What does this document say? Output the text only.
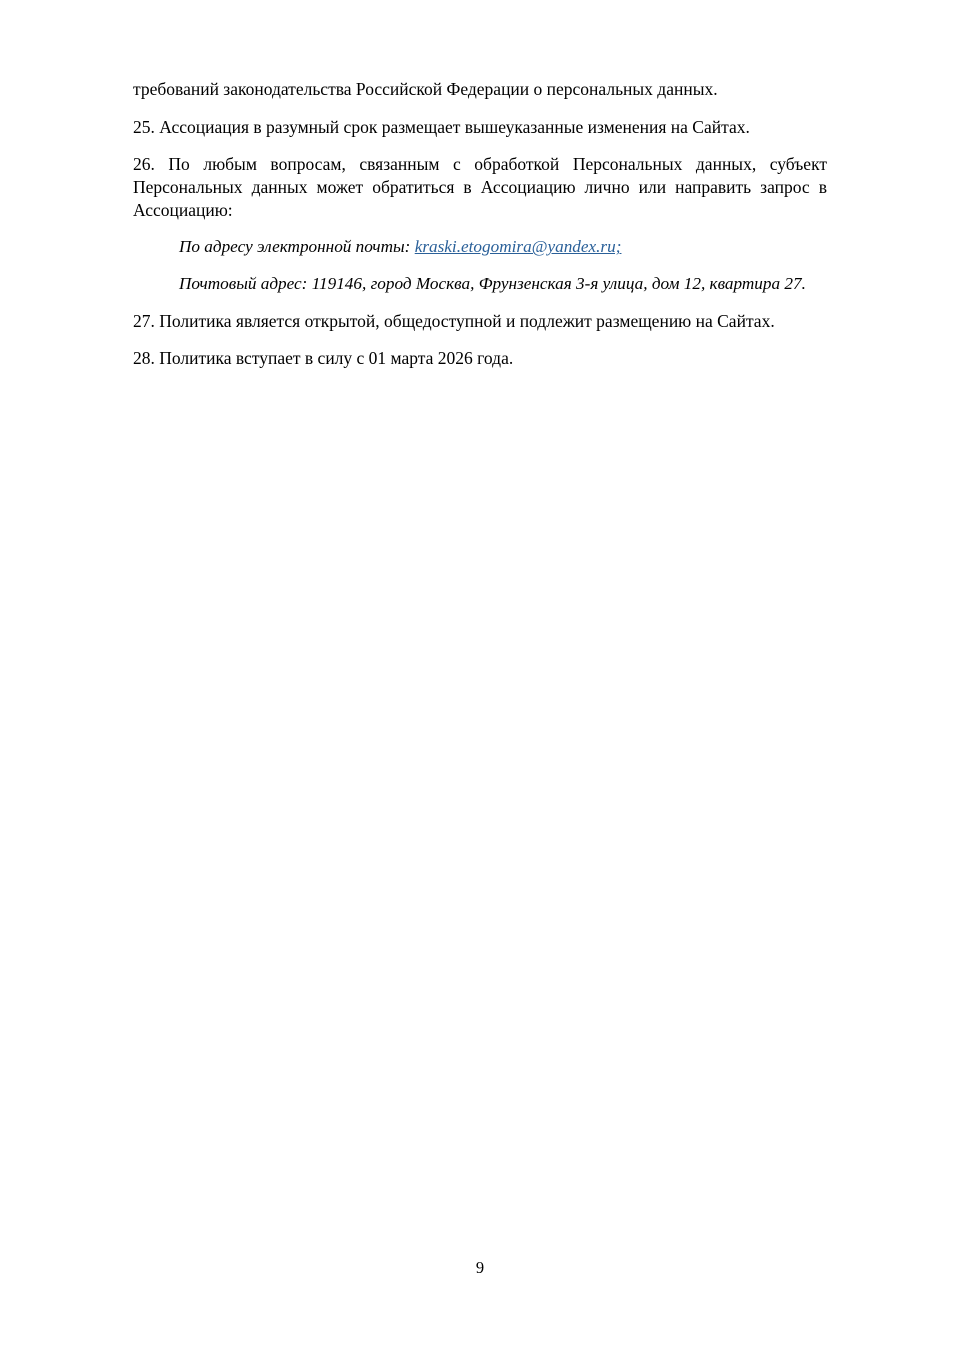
требований законодательства Российской Федерации о персональных данных.

25. Ассоциация в разумный срок размещает вышеуказанные изменения на Сайтах.

26. По любым вопросам, связанным с обработкой Персональных данных, субъект Персональных данных может обратиться в Ассоциацию лично или направить запрос в Ассоциацию:

По адресу электронной почты: kraski.etogomira@yandex.ru;

Почтовый адрес: 119146, город Москва, Фрунзенская 3-я улица, дом 12, квартира 27.

27. Политика является открытой, общедоступной и подлежит размещению на Сайтах.

28. Политика вступает в силу с 01 марта 2026 года.

9
